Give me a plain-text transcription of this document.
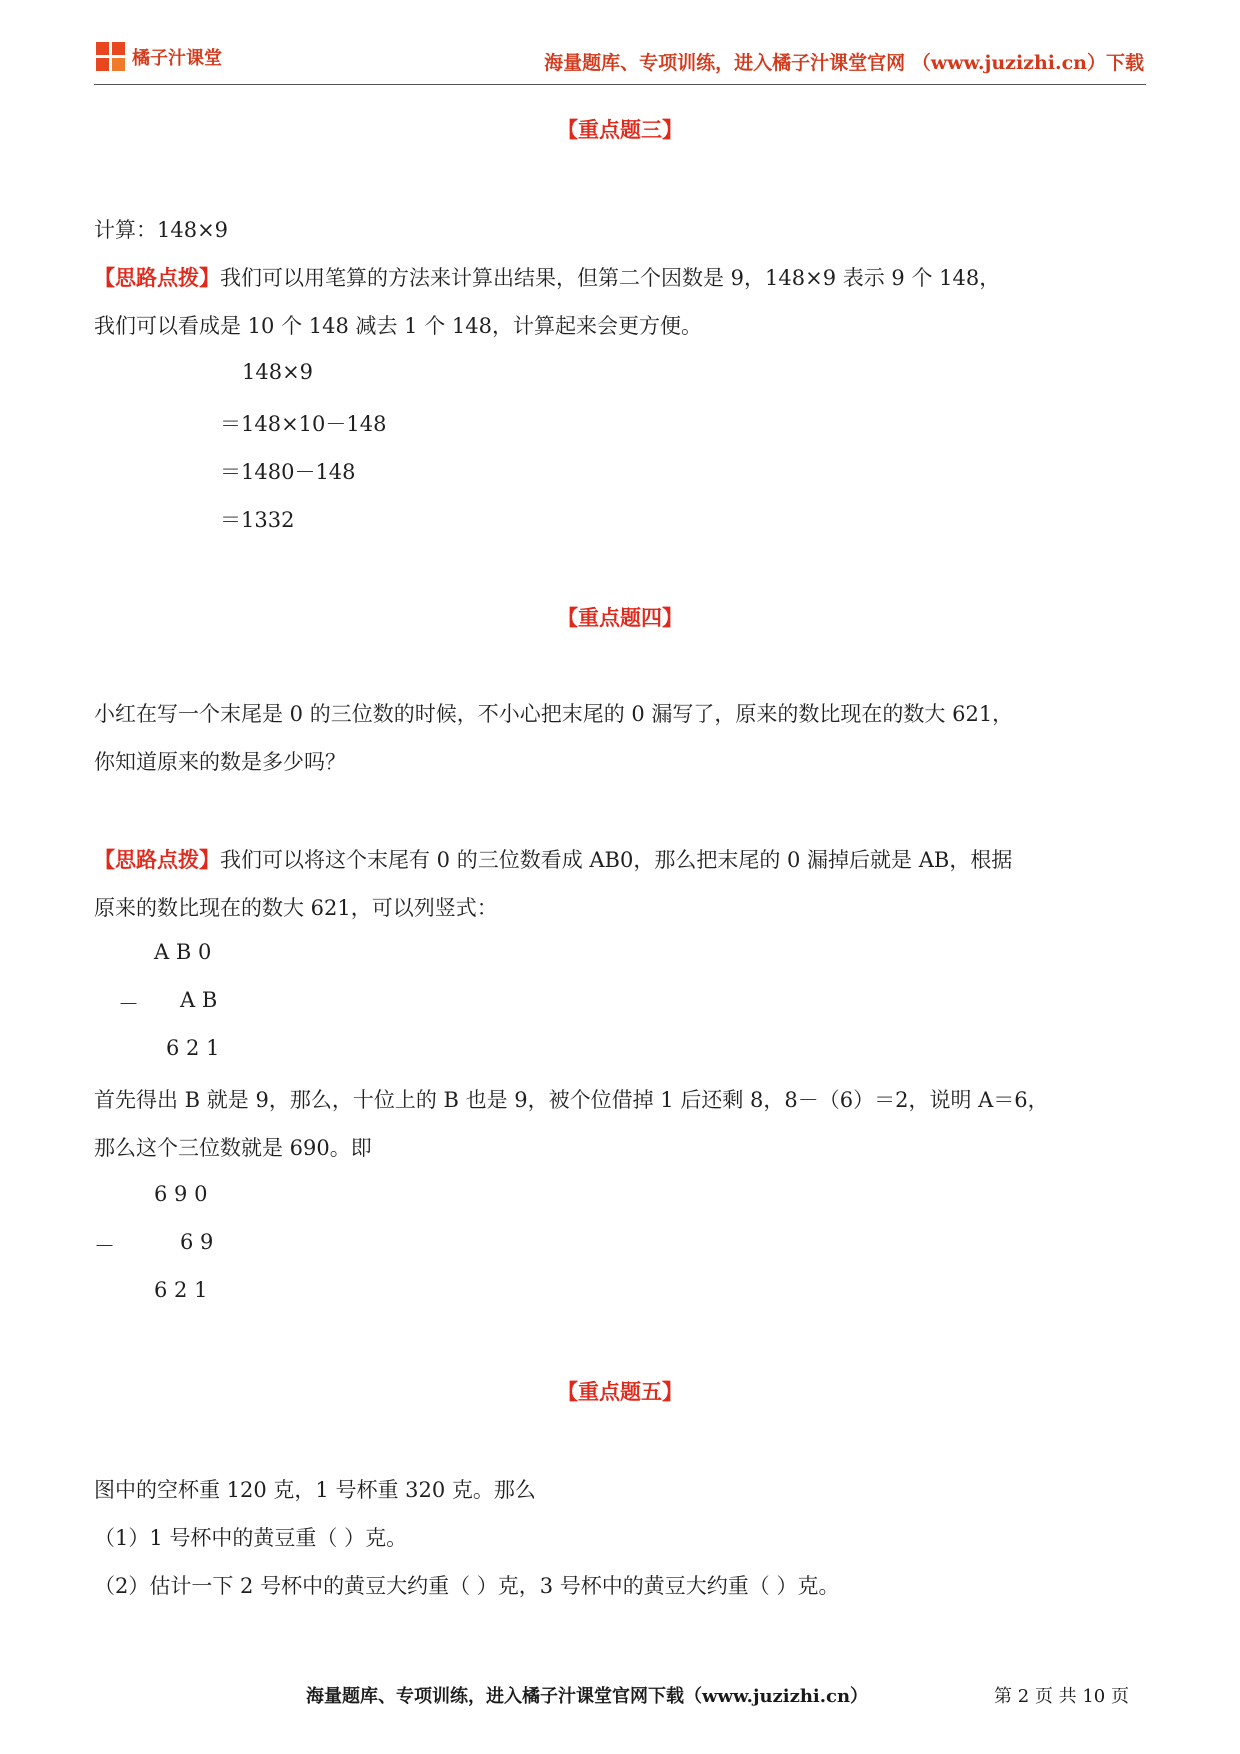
橘子汁课堂	海量题库、专项训练，进入橘子汁课堂官网 （www.juzizhi.cn）下载
【重点题三】
计算：148×9
【思路点拨】我们可以用笔算的方法来计算出结果，但第二个因数是 9，148×9 表示 9 个 148，
我们可以看成是 10 个 148 减去 1 个 148，计算起来会更方便。
148×9
＝148×10－148
＝1480－148
＝1332
【重点题四】
小红在写一个末尾是 0 的三位数的时候，不小心把末尾的 0 漏写了，原来的数比现在的数大 621，
你知道原来的数是多少吗？
【思路点拨】我们可以将这个末尾有 0 的三位数看成 AB0，那么把末尾的 0 漏掉后就是 AB，根据
原来的数比现在的数大 621，可以列竖式：
A B 0
－ A B
6 2 1
首先得出 B 就是 9，那么，十位上的 B 也是 9，被个位借掉 1 后还剩 8，8－（6）＝2，说明 A＝6，
那么这个三位数就是 690。即
6 9 0
－	6 9
6 2 1
【重点题五】
图中的空杯重 120 克，1 号杯重 320 克。那么
（1）1 号杯中的黄豆重（ ）克。
（2）估计一下 2 号杯中的黄豆大约重（ ）克，3 号杯中的黄豆大约重（ ）克。
海量题库、专项训练，进入橘子汁课堂官网下载（www.juzizhi.cn）	第 2 页 共 10 页
